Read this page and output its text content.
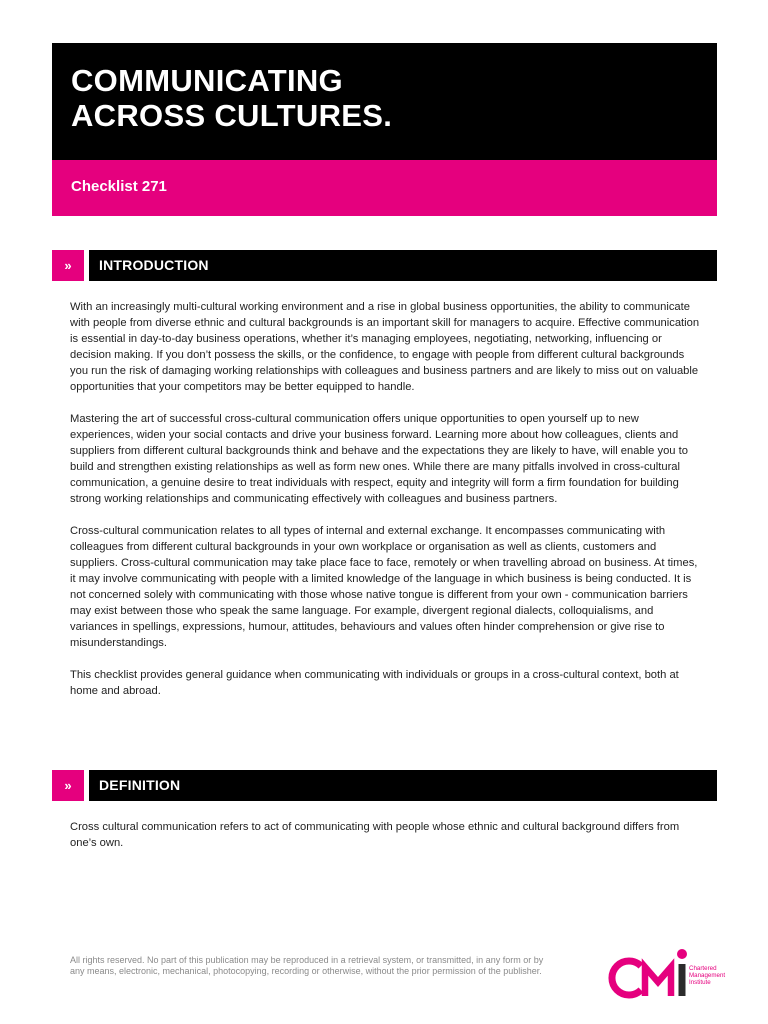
COMMUNICATING
ACROSS CULTURES.
Checklist 271
»	INTRODUCTION

With an increasingly multi-cultural working environment and a rise in global business opportunities, the ability to communicate with people from diverse ethnic and cultural backgrounds is an important skill for managers to acquire. Effective communication is essential in day-to-day business operations, whether it’s managing employees, negotiating, networking, influencing or decision making. If you don’t possess the skills, or the confidence, to engage with people from different cultural backgrounds you run the risk of damaging working relationships with colleagues and business partners and are likely to miss out on valuable opportunities that your competitors may be better equipped to handle.

Mastering the art of successful cross-cultural communication offers unique opportunities to open yourself up to new experiences, widen your social contacts and drive your business forward. Learning more about how colleagues, clients and suppliers from different cultural backgrounds think and behave and the expectations they are likely to have, will enable you to build and strengthen existing relationships as well as form new ones. While there are many pitfalls involved in cross-cultural communication, a genuine desire to treat individuals with respect, equity and integrity will form a firm foundation for building strong working relationships and communicating effectively with colleagues and business partners.

Cross-cultural communication relates to all types of internal and external exchange. It encompasses communicating with colleagues from different cultural backgrounds in your own workplace or organisation as well as clients, customers and suppliers. Cross-cultural communication may take place face to face, remotely or when travelling abroad on business. At times, it may involve communicating with people with a limited knowledge of the language in which business is being conducted. It is not concerned solely with communicating with those whose native tongue is different from your own - communication barriers may exist between those who speak the same language. For example, divergent regional dialects, colloquialisms, and variances in spellings, expressions, humour, attitudes, behaviours and values often hinder comprehension or give rise to misunderstandings.

This checklist provides general guidance when communicating with individuals or groups in a cross-cultural context, both at home and abroad.

»	DEFINITION

Cross cultural communication refers to act of communicating with people whose ethnic and cultural background differs from one’s own.

All rights reserved. No part of this publication may be reproduced in a retrieval system, or transmitted, in any form or by any means, electronic, mechanical, photocopying, recording or otherwise, without the prior permission of the publisher.	Chartered
Management
Institute
